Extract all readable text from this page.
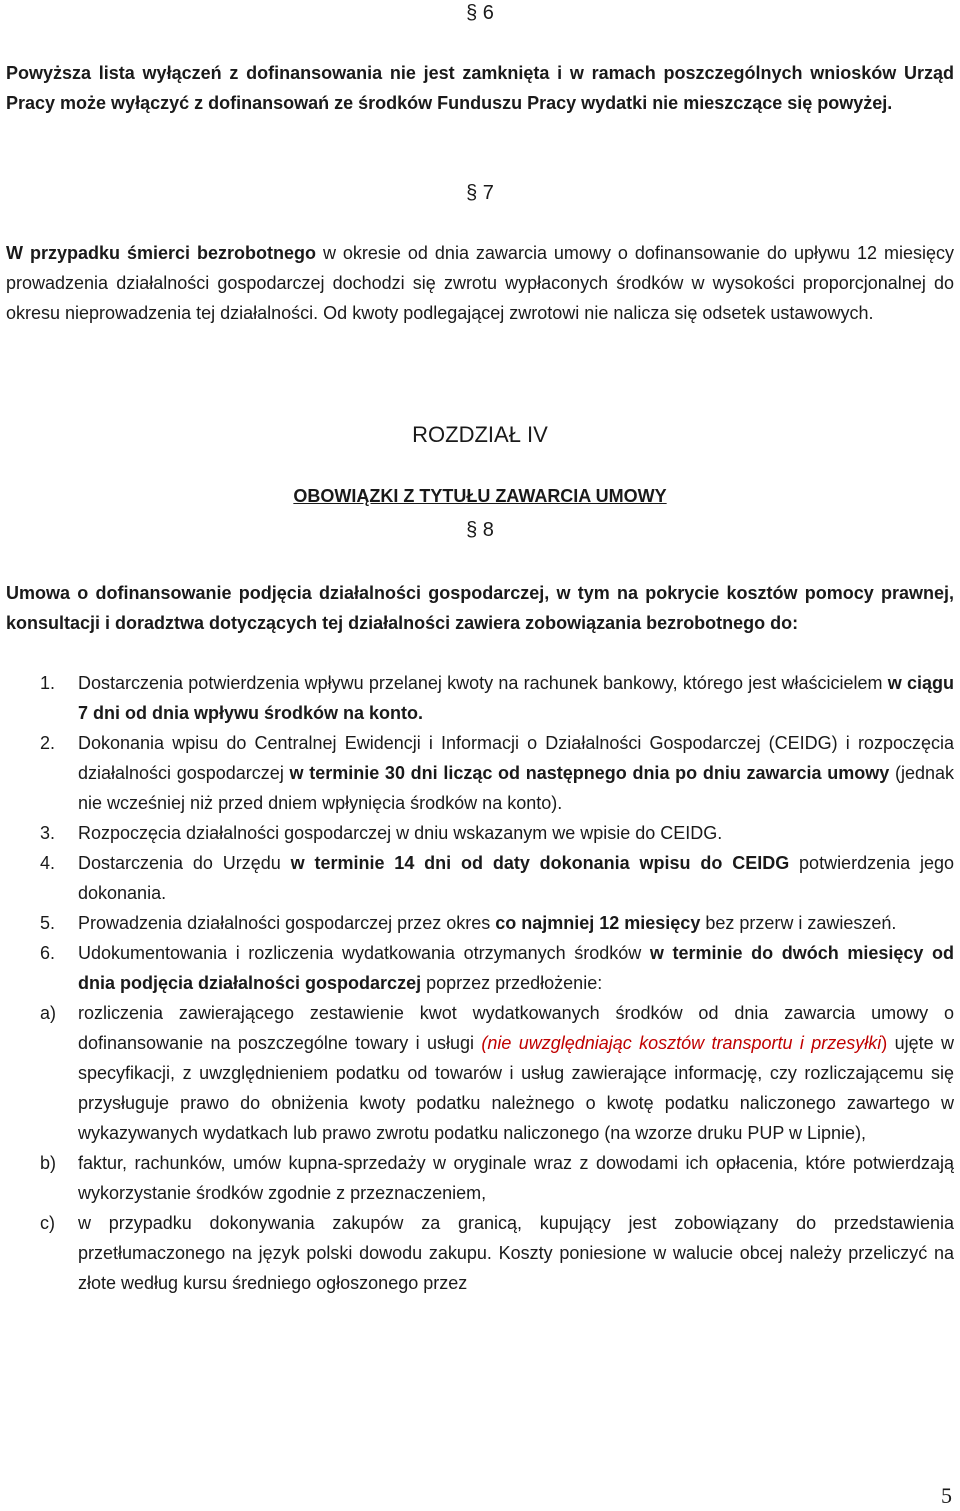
§ 6
Powyższa lista wyłączeń z dofinansowania nie jest zamknięta i w ramach poszczególnych wniosków Urząd Pracy może wyłączyć z dofinansowań ze środków Funduszu Pracy wydatki nie mieszczące się powyżej.
§ 7
W przypadku śmierci bezrobotnego w okresie od dnia zawarcia umowy o dofinansowanie do upływu 12 miesięcy prowadzenia działalności gospodarczej dochodzi się zwrotu wypłaconych środków w wysokości proporcjonalnej do okresu nieprowadzenia tej działalności. Od kwoty podlegającej zwrotowi nie nalicza się odsetek ustawowych.
ROZDZIAŁ IV
OBOWIĄZKI Z TYTUŁU ZAWARCIA UMOWY
§ 8
Umowa o dofinansowanie podjęcia działalności gospodarczej, w tym na pokrycie kosztów pomocy prawnej, konsultacji i doradztwa dotyczących tej działalności zawiera zobowiązania bezrobotnego do:
1. Dostarczenia potwierdzenia wpływu przelanej kwoty na rachunek bankowy, którego jest właścicielem w ciągu 7 dni od dnia wpływu środków na konto.
2. Dokonania wpisu do Centralnej Ewidencji i Informacji o Działalności Gospodarczej (CEIDG) i rozpoczęcia działalności gospodarczej w terminie 30 dni licząc od następnego dnia po dniu zawarcia umowy (jednak nie wcześniej niż przed dniem wpłynięcia środków na konto).
3. Rozpoczęcia działalności gospodarczej w dniu wskazanym we wpisie do CEIDG.
4. Dostarczenia do Urzędu w terminie 14 dni od daty dokonania wpisu do CEIDG potwierdzenia jego dokonania.
5. Prowadzenia działalności gospodarczej przez okres co najmniej 12 miesięcy bez przerw i zawieszeń.
6. Udokumentowania i rozliczenia wydatkowania otrzymanych środków w terminie do dwóch miesięcy od dnia podjęcia działalności gospodarczej poprzez przedłożenie:
a) rozliczenia zawierającego zestawienie kwot wydatkowanych środków od dnia zawarcia umowy o dofinansowanie na poszczególne towary i usługi (nie uwzględniając kosztów transportu i przesyłki) ujęte w specyfikacji, z uwzględnieniem podatku od towarów i usług zawierające informację, czy rozliczającemu się przysługuje prawo do obniżenia kwoty podatku należnego o kwotę podatku naliczonego zawartego w wykazywanych wydatkach lub prawo zwrotu podatku naliczonego (na wzorze druku PUP w Lipnie),
b) faktur, rachunków, umów kupna-sprzedaży w oryginale wraz z dowodami ich opłacenia, które potwierdzają wykorzystanie środków zgodnie z przeznaczeniem,
c) w przypadku dokonywania zakupów za granicą, kupujący jest zobowiązany do przedstawienia przetłumaczonego na język polski dowodu zakupu. Koszty poniesione w walucie obcej należy przeliczyć na złote według kursu średniego ogłoszonego przez
5
